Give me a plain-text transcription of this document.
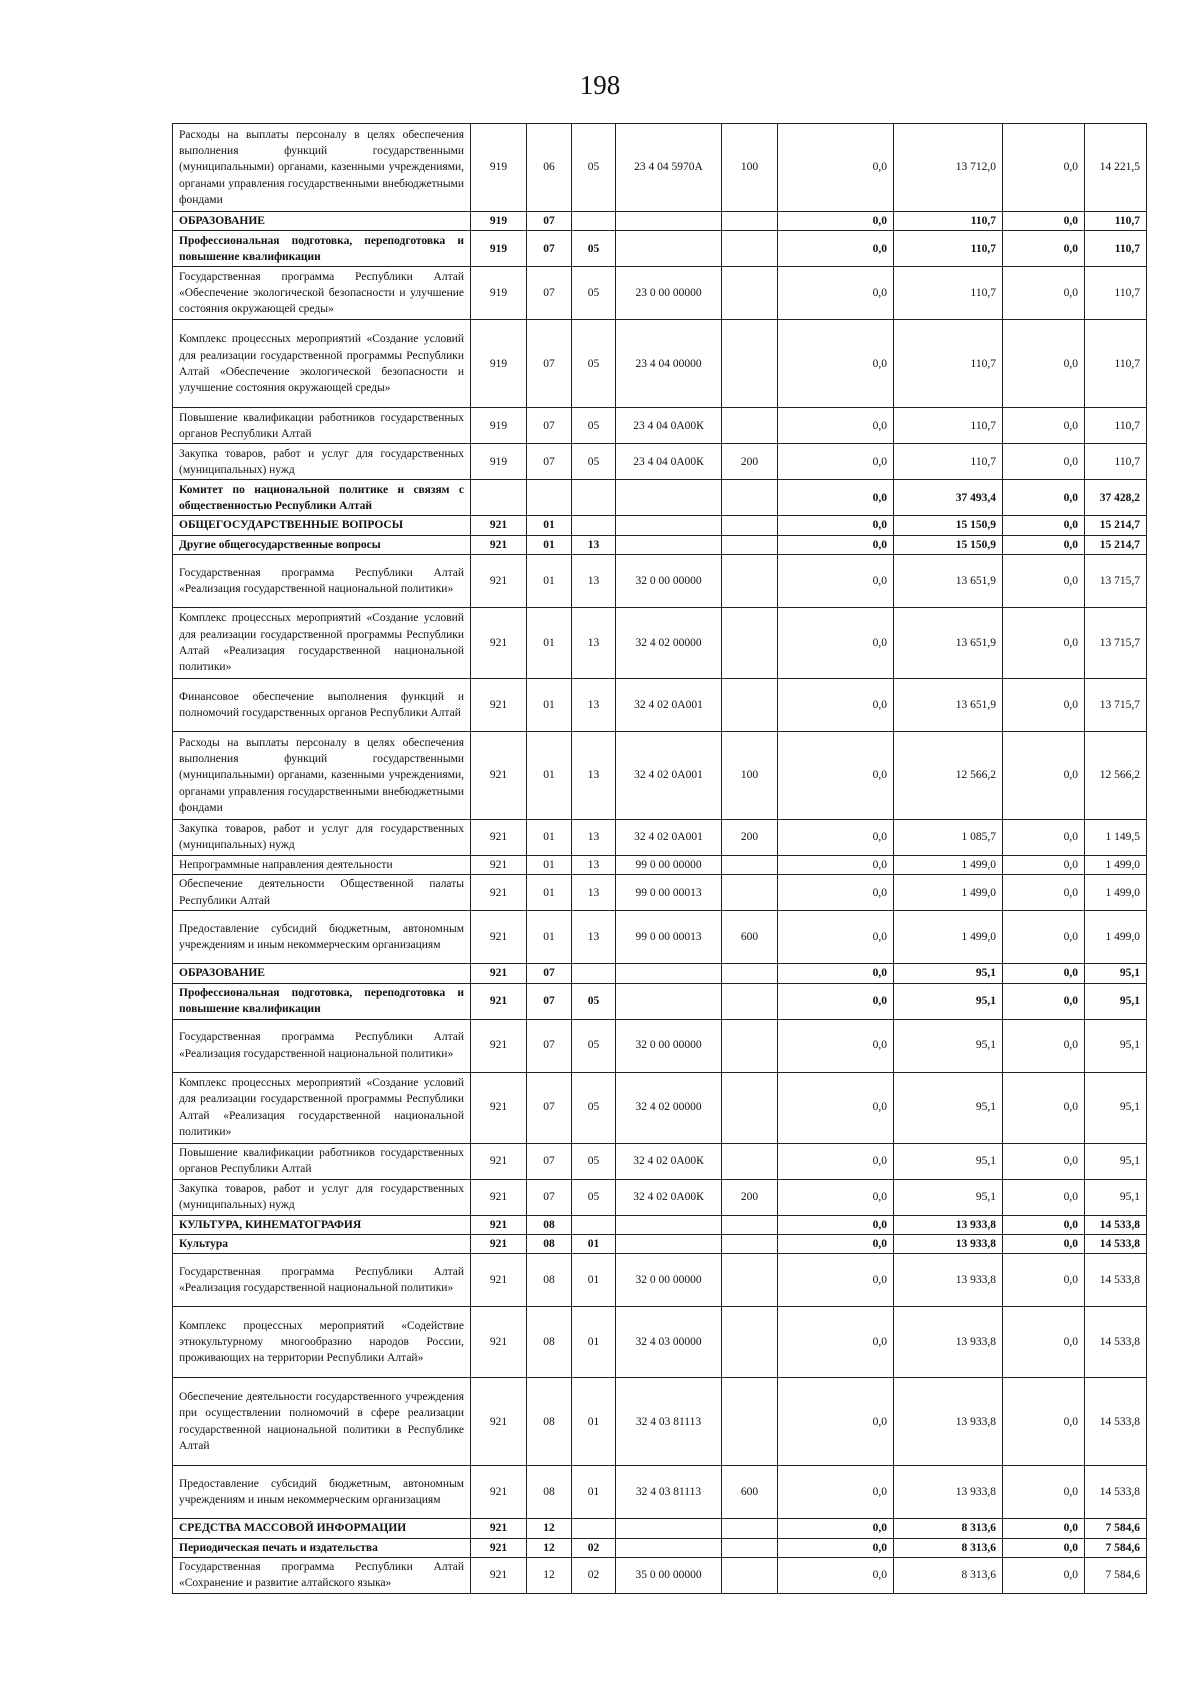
198
Расходы на выплаты персоналу в целях обеспечения выполнения функций государственными (муниципальными) органами, казенными учреждениями, органами управления государственными внебюджетными фондами	919	06	05	23 4 04 5970А	100	0,0	13 712,0	0,0	14 221,5
ОБРАЗОВАНИЕ	919	07				0,0	110,7	0,0	110,7
Профессиональная подготовка, переподготовка и повышение квалификации	919	07	05			0,0	110,7	0,0	110,7
Государственная программа Республики Алтай «Обеспечение экологической безопасности и улучшение состояния окружающей среды»	919	07	05	23 0 00 00000		0,0	110,7	0,0	110,7
Комплекс процессных мероприятий «Создание условий для реализации государственной программы Республики Алтай «Обеспечение экологической безопасности и улучшение состояния окружающей среды»	919	07	05	23 4 04 00000		0,0	110,7	0,0	110,7
Повышение квалификации работников государственных органов Республики Алтай	919	07	05	23 4 04 0А00К		0,0	110,7	0,0	110,7
Закупка товаров, работ и услуг для государственных (муниципальных) нужд	919	07	05	23 4 04 0А00К	200	0,0	110,7	0,0	110,7
Комитет по национальной политике и связям с общественностью Республики Алтай						0,0	37 493,4	0,0	37 428,2
ОБЩЕГОСУДАРСТВЕННЫЕ ВОПРОСЫ	921	01				0,0	15 150,9	0,0	15 214,7
Другие общегосударственные вопросы	921	01	13			0,0	15 150,9	0,0	15 214,7
Государственная программа Республики Алтай «Реализация государственной национальной политики»	921	01	13	32 0 00 00000		0,0	13 651,9	0,0	13 715,7
Комплекс процессных мероприятий «Создание условий для реализации государственной программы Республики Алтай «Реализация государственной национальной политики»	921	01	13	32 4 02 00000		0,0	13 651,9	0,0	13 715,7
Финансовое обеспечение выполнения функций и полномочий государственных органов Республики Алтай	921	01	13	32 4 02 0А001		0,0	13 651,9	0,0	13 715,7
Расходы на выплаты персоналу в целях обеспечения выполнения функций государственными (муниципальными) органами, казенными учреждениями, органами управления государственными внебюджетными фондами	921	01	13	32 4 02 0А001	100	0,0	12 566,2	0,0	12 566,2
Закупка товаров, работ и услуг для государственных (муниципальных) нужд	921	01	13	32 4 02 0А001	200	0,0	1 085,7	0,0	1 149,5
Непрограммные направления деятельности	921	01	13	99 0 00 00000		0,0	1 499,0	0,0	1 499,0
Обеспечение деятельности Общественной палаты Республики Алтай	921	01	13	99 0 00 00013		0,0	1 499,0	0,0	1 499,0
Предоставление субсидий бюджетным, автономным учреждениям и иным некоммерческим организациям	921	01	13	99 0 00 00013	600	0,0	1 499,0	0,0	1 499,0
ОБРАЗОВАНИЕ	921	07				0,0	95,1	0,0	95,1
Профессиональная подготовка, переподготовка и повышение квалификации	921	07	05			0,0	95,1	0,0	95,1
Государственная программа Республики Алтай «Реализация государственной национальной политики»	921	07	05	32 0 00 00000		0,0	95,1	0,0	95,1
Комплекс процессных мероприятий «Создание условий для реализации государственной программы Республики Алтай «Реализация государственной национальной политики»	921	07	05	32 4 02 00000		0,0	95,1	0,0	95,1
Повышение квалификации работников государственных органов Республики Алтай	921	07	05	32 4 02 0А00К		0,0	95,1	0,0	95,1
Закупка товаров, работ и услуг для государственных (муниципальных) нужд	921	07	05	32 4 02 0А00К	200	0,0	95,1	0,0	95,1
КУЛЬТУРА, КИНЕМАТОГРАФИЯ	921	08				0,0	13 933,8	0,0	14 533,8
Культура	921	08	01			0,0	13 933,8	0,0	14 533,8
Государственная программа Республики Алтай «Реализация государственной национальной политики»	921	08	01	32 0 00 00000		0,0	13 933,8	0,0	14 533,8
Комплекс процессных мероприятий «Содействие этнокультурному многообразию народов России, проживающих на территории Республики Алтай»	921	08	01	32 4 03 00000		0,0	13 933,8	0,0	14 533,8
Обеспечение деятельности государственного учреждения при осуществлении полномочий в сфере реализации государственной национальной политики в Республике Алтай	921	08	01	32 4 03 81113		0,0	13 933,8	0,0	14 533,8
Предоставление субсидий бюджетным, автономным учреждениям и иным некоммерческим организациям	921	08	01	32 4 03 81113	600	0,0	13 933,8	0,0	14 533,8
СРЕДСТВА МАССОВОЙ ИНФОРМАЦИИ	921	12				0,0	8 313,6	0,0	7 584,6
Периодическая печать и издательства	921	12	02			0,0	8 313,6	0,0	7 584,6
Государственная программа Республики Алтай «Сохранение и развитие алтайского языка»	921	12	02	35 0 00 00000		0,0	8 313,6	0,0	7 584,6
